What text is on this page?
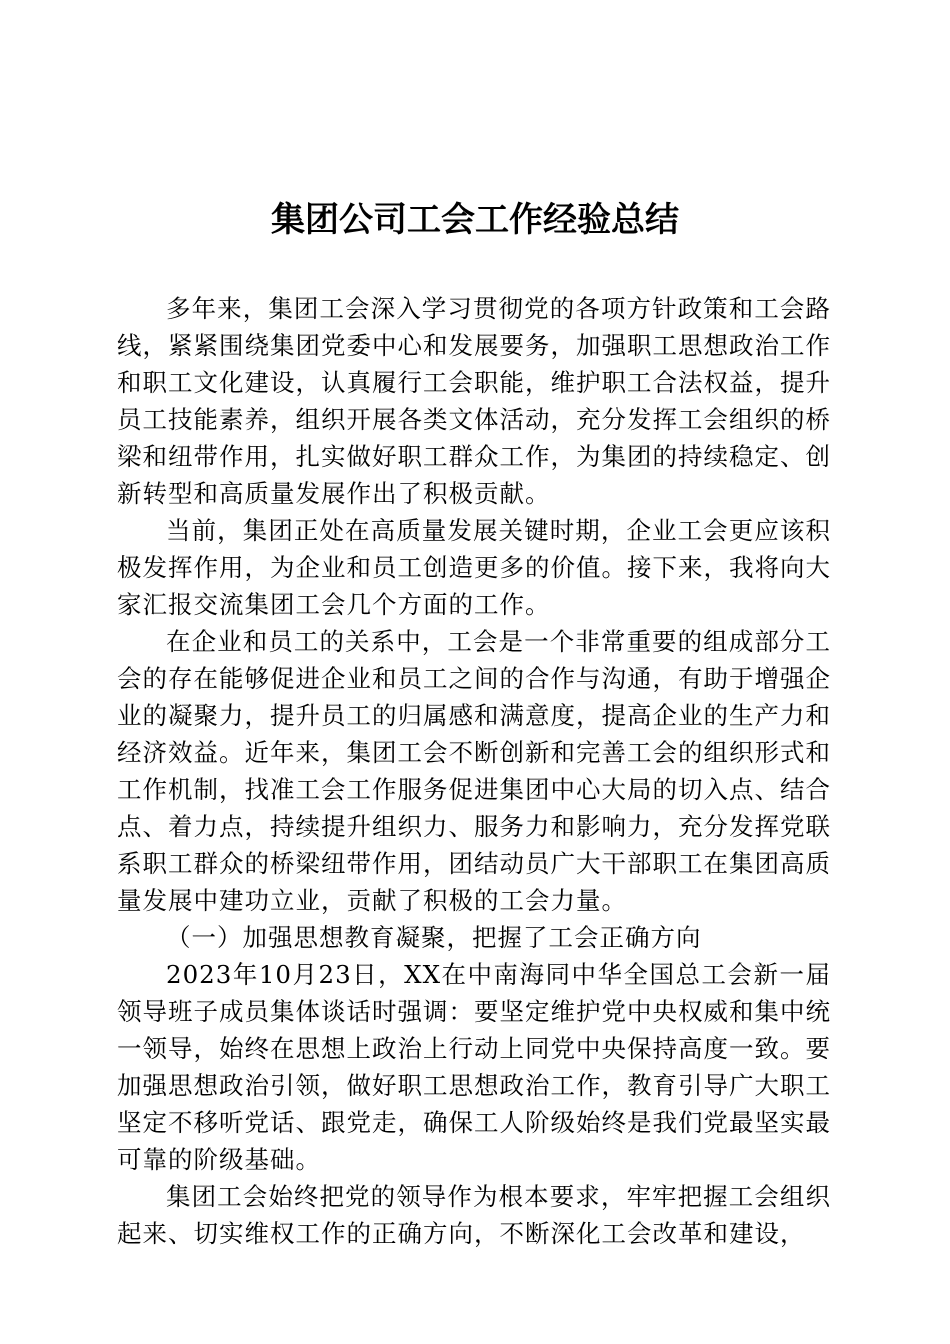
集团公司工会工作经验总结

多年来，集团工会深入学习贯彻党的各项方针政策和工会路线，紧紧围绕集团党委中心和发展要务，加强职工思想政治工作和职工文化建设，认真履行工会职能，维护职工合法权益，提升员工技能素养，组织开展各类文体活动，充分发挥工会组织的桥梁和纽带作用，扎实做好职工群众工作，为集团的持续稳定、创新转型和高质量发展作出了积极贡献。

当前，集团正处在高质量发展关键时期，企业工会更应该积极发挥作用，为企业和员工创造更多的价值。接下来，我将向大家汇报交流集团工会几个方面的工作。

在企业和员工的关系中，工会是一个非常重要的组成部分工会的存在能够促进企业和员工之间的合作与沟通，有助于增强企业的凝聚力，提升员工的归属感和满意度，提高企业的生产力和经济效益。近年来，集团工会不断创新和完善工会的组织形式和工作机制，找准工会工作服务促进集团中心大局的切入点、结合点、着力点，持续提升组织力、服务力和影响力，充分发挥党联系职工群众的桥梁纽带作用，团结动员广大干部职工在集团高质量发展中建功立业，贡献了积极的工会力量。

（一）加强思想教育凝聚，把握了工会正确方向

2023年10月23日，XX在中南海同中华全国总工会新一届领导班子成员集体谈话时强调：要坚定维护党中央权威和集中统一领导，始终在思想上政治上行动上同党中央保持高度一致。要加强思想政治引领，做好职工思想政治工作，教育引导广大职工坚定不移听党话、跟党走，确保工人阶级始终是我们党最坚实最可靠的阶级基础。

集团工会始终把党的领导作为根本要求，牢牢把握工会组织起来、切实维权工作的正确方向，不断深化工会改革和建设，
